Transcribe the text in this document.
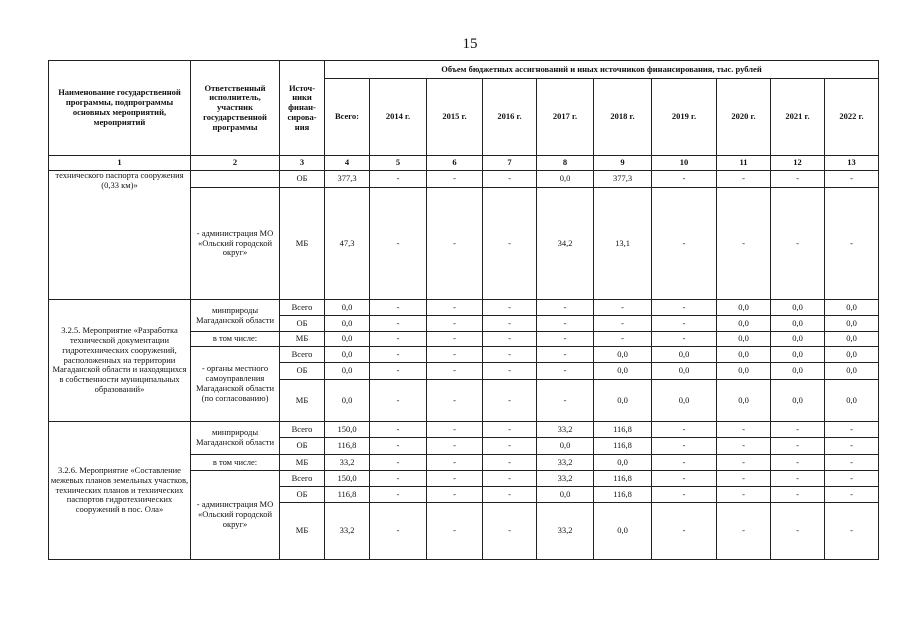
15
Наименование государственной программы, подпрограммы основных мероприятий, мероприятий	Ответственный исполнитель, участник государственной программы	Источ-ники финан-сирова-ния	Объем бюджетных ассигнований и иных источников финансирования, тыс. рублей									
			Всего:	2014 г.	2015 г.	2016 г.	2017 г.	2018 г.	2019 г.	2020 г.	2021 г.	2022 г.
1	2	3	4	5	6	7	8	9	10	11	12	13
технического паспорта сооружения (0,33 км)»		ОБ	377,3	-	-	-	0,0	377,3	-	-	-	-
	- администрация МО «Ольский городской округ»	МБ	47,3	-	-	-	34,2	13,1	-	-	-	-
3.2.5. Мероприятие «Разработка технической документации гидротехнических сооружений, расположенных на территории Магаданской области и находящихся в собственности муниципальных образований»	минприроды Магаданской области	Всего	0,0	-	-	-	-	-	-	0,0	0,0	0,0
		ОБ	0,0	-	-	-	-	-	-	0,0	0,0	0,0
	в том числе:	МБ	0,0	-	-	-	-	-	-	0,0	0,0	0,0
	- органы местного самоуправления Магаданской области (по согласованию)	Всего	0,0	-	-	-	-	0,0	0,0	0,0	0,0	0,0
		ОБ	0,0	-	-	-	-	0,0	0,0	0,0	0,0	0,0
		МБ	0,0	-	-	-	-	0,0	0,0	0,0	0,0	0,0
3.2.6. Мероприятие «Составление межевых планов земельных участков, технических планов и технических паспортов гидротехнических сооружений в пос. Ола»	минприроды Магаданской области	Всего	150,0	-	-	-	33,2	116,8	-	-	-	-
		ОБ	116,8	-	-	-	0,0	116,8	-	-	-	-
	в том числе:	МБ	33,2	-	-	-	33,2	0,0	-	-	-	-
	- администрация МО «Ольский городской округ»	Всего	150,0	-	-	-	33,2	116,8	-	-	-	-
		ОБ	116,8	-	-	-	0,0	116,8	-	-	-	-
		МБ	33,2	-	-	-	33,2	0,0	-	-	-	-
